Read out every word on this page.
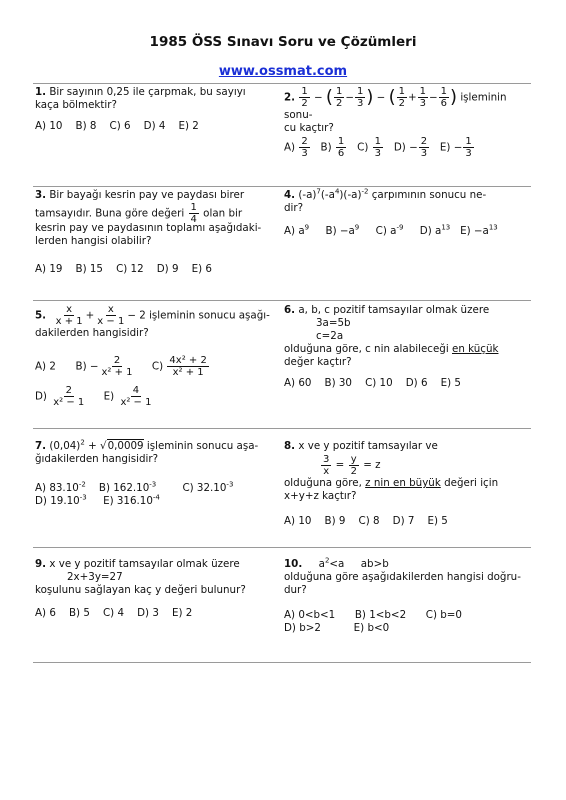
1985 ÖSS Sınavı Soru ve Çözümleri
www.ossmat.com
1. Bir sayının 0,25 ile çarpmak, bu sayıyı
kaça bölmektir?
A) 10    B) 8    C) 6    D) 4    E) 2
2. $\frac{1}{2}$ − ( $\frac{1}{2} - \frac{1}{3}$ ) − ( $\frac{1}{2} + \frac{1}{3} - \frac{1}{6}$ ) işleminin sonu-
cu kaçtır?
$A) \frac{2}{3} B) \frac{1}{6} C) \frac{1}{3} D) - \frac{2}{3} E) - \frac{1}{3}$
3. Bir bayağı kesrin pay ve paydası birer

tamsayıdır. Buna göre değeri $\frac{1}{4}$ olan bir
kesrin pay ve paydasının toplamı aşağıdaki-
lerden hangisi olabilir?
A) 19    B) 15    C) 12    D) 9    E) 6
4. $(-a)^7(-a^4)(-a)^{-2}$ çarpımının sonucu ne-
dir?
A) $a^9$ $B) -a^9$ C) $a^{-9}$ D) $a^{13}$ $E) -a^{13}$
5. $\frac{x}{x + 1} + \frac{x}{x - 1} - 2$ işleminin sonucu aşağı-
dakilerden hangisidir?
A) 2 $B) - \frac{2}{\text{x² + 1}} C) \frac{\text{4x² + 2}}{\text{x² + 1}}$
$D) \frac{2}{\text{x² − 1}} E) \frac{4}{\text{x² − 1}}$
6. a, b, c pozitif tamsayılar olmak üzere
3a=5b
c=2a
olduğuna göre, c nin alabileceği en küçük
değer kaçtır?
A) 60    B) 30    C) 10    D) 6    E) 5
7. $(0,04)^2 + √0,0009$ işleminin sonucu aşa-
ğıdakilerden hangisidir?
A) $83.10^{-2}$ B) $162.10^{-3}$	C) $32.10^{-3}$
D) $19.10^{-3}$ E) $316.10^{-4}$
8. x ve y pozitif tamsayılar ve

$\frac{3}{x} = \frac{y}{2} = z$
olduğuna göre, z nin en büyük değeri için
x+y+z kaçtır?
A) 10    B) 9    C) 8    D) 7    E) 5
9. x ve y pozitif tamsayılar olmak üzere
2x+3y=27
koşulunu sağlayan kaç y değeri bulunur?
A) 6    B) 5    C) 4    D) 3    E) 2
10. $a^2<a$ ab>b
olduğuna göre aşağıdakilerden hangisi doğru-
dur?
A) 0<b<1      B) 1<b<2      C) b=0
D) b>2          E) b<0
